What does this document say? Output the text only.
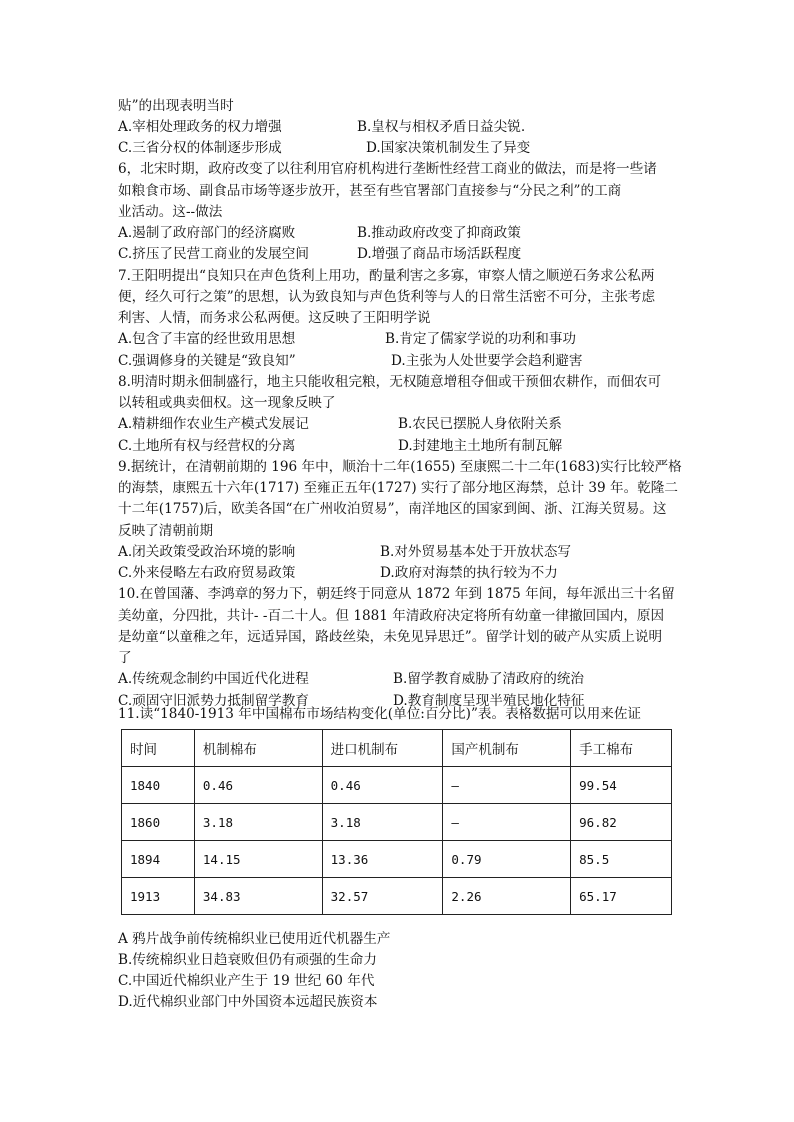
贴”的出现表明当时
A.宰相处理政务的权力增强	B.皇权与相权矛盾日益尖锐.
C.三省分权的体制逐步形成	D.国家决策机制发生了异变
6，北宋时期，政府改变了以往利用官府机构进行垄断性经营工商业的做法，而是将一些诸
如粮食市场、副食品市场等逐步放开，甚至有些官署部门直接参与“分民之利”的工商
业活动。这--做法
A.遏制了政府部门的经济腐败	B.推动政府改变了抑商政策
C.挤压了民营工商业的发展空间	D.增强了商品市场活跃程度
7.王阳明提出“良知只在声色货利上用功，酌量利害之多寡，审察人情之顺逆石务求公私两
便，经久可行之策”的思想，认为致良知与声色货利等与人的日常生活密不可分，主张考虑
利害、人情，而务求公私两便。这反映了王阳明学说
A.包含了丰富的经世致用思想	B.肯定了儒家学说的功利和事功
C.强调修身的关键是“致良知”	D.主张为人处世要学会趋利避害
8.明清时期永佃制盛行，地主只能收租完粮，无权随意增租夺佃或干预佃农耕作，而佃农可
以转租或典卖佃权。这一现象反映了
A.精耕细作农业生产模式发展记	B.农民已摆脱人身依附关系
C.土地所有权与经营权的分离	D.封建地主土地所有制瓦解
9.据统计，在清朝前期的 196 年中，顺治十二年(1655) 至康熙二十二年(1683)实行比较严格
的海禁，康熙五十六年(1717) 至雍正五年(1727) 实行了部分地区海禁，总计 39 年。乾隆二
十二年(1757)后，欧美各国“在广州收泊贸易”，南洋地区的国家到闽、浙、江海关贸易。这
反映了清朝前期
A.闭关政策受政治环境的影响	B.对外贸易基本处于开放状态写
C.外来侵略左右政府贸易政策	D.政府对海禁的执行较为不力
10.在曾国藩、李鸿章的努力下，朝廷终于同意从 1872 年到 1875 年间，每年派出三十名留
美幼童，分四批，共计- -百二十人。但 1881 年清政府决定将所有幼童一律撤回国内，原因
是幼童“以童稚之年，远适异国，路歧丝染，未免见异思迁”。留学计划的破产从实质上说明
了
A.传统观念制约中国近代化进程	B.留学教育威胁了清政府的统治
C.顽固守旧派势力抵制留学教育	D.教育制度呈现半殖民地化特征
11.读“1840-1913 年中国棉布市场结构变化(单位:百分比)”表。表格数据可以用来佐证
时间	机制棉布	进口机制布	国产机制布	手工棉布
1840	0.46	0.46	—	99.54
1860	3.18	3.18	—	96.82
1894	14.15	13.36	0.79	85.5
1913	34.83	32.57	2.26	65.17
A 鸦片战争前传统棉织业已使用近代机器生产
B.传统棉织业日趋衰败但仍有顽强的生命力
C.中国近代棉织业产生于 19 世纪 60 年代
D.近代棉织业部门中外国资本远超民族资本
